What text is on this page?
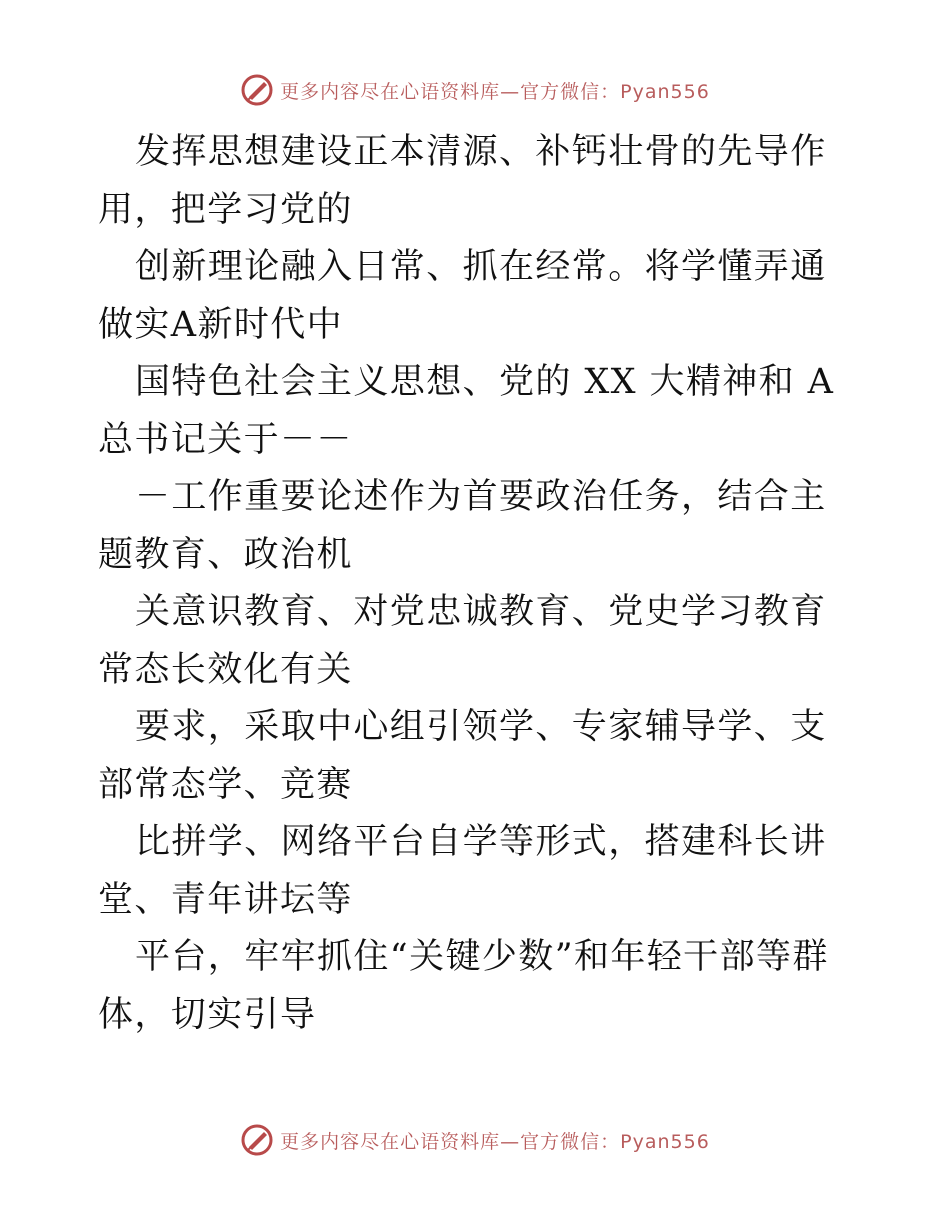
更多内容尽在心语资料库—官方微信：Pyan556

发挥思想建设正本清源、补钙壮骨的先导作用，把学习党的

创新理论融入日常、抓在经常。将学懂弄通做实A新时代中

国特色社会主义思想、党的 XX 大精神和 A总书记关于－－

－工作重要论述作为首要政治任务，结合主题教育、政治机

关意识教育、对党忠诚教育、党史学习教育常态长效化有关

要求，采取中心组引领学、专家辅导学、支部常态学、竞赛

比拼学、网络平台自学等形式，搭建科长讲堂、青年讲坛等

平台，牢牢抓住“关键少数”和年轻干部等群体，切实引导

更多内容尽在心语资料库—官方微信：Pyan556
